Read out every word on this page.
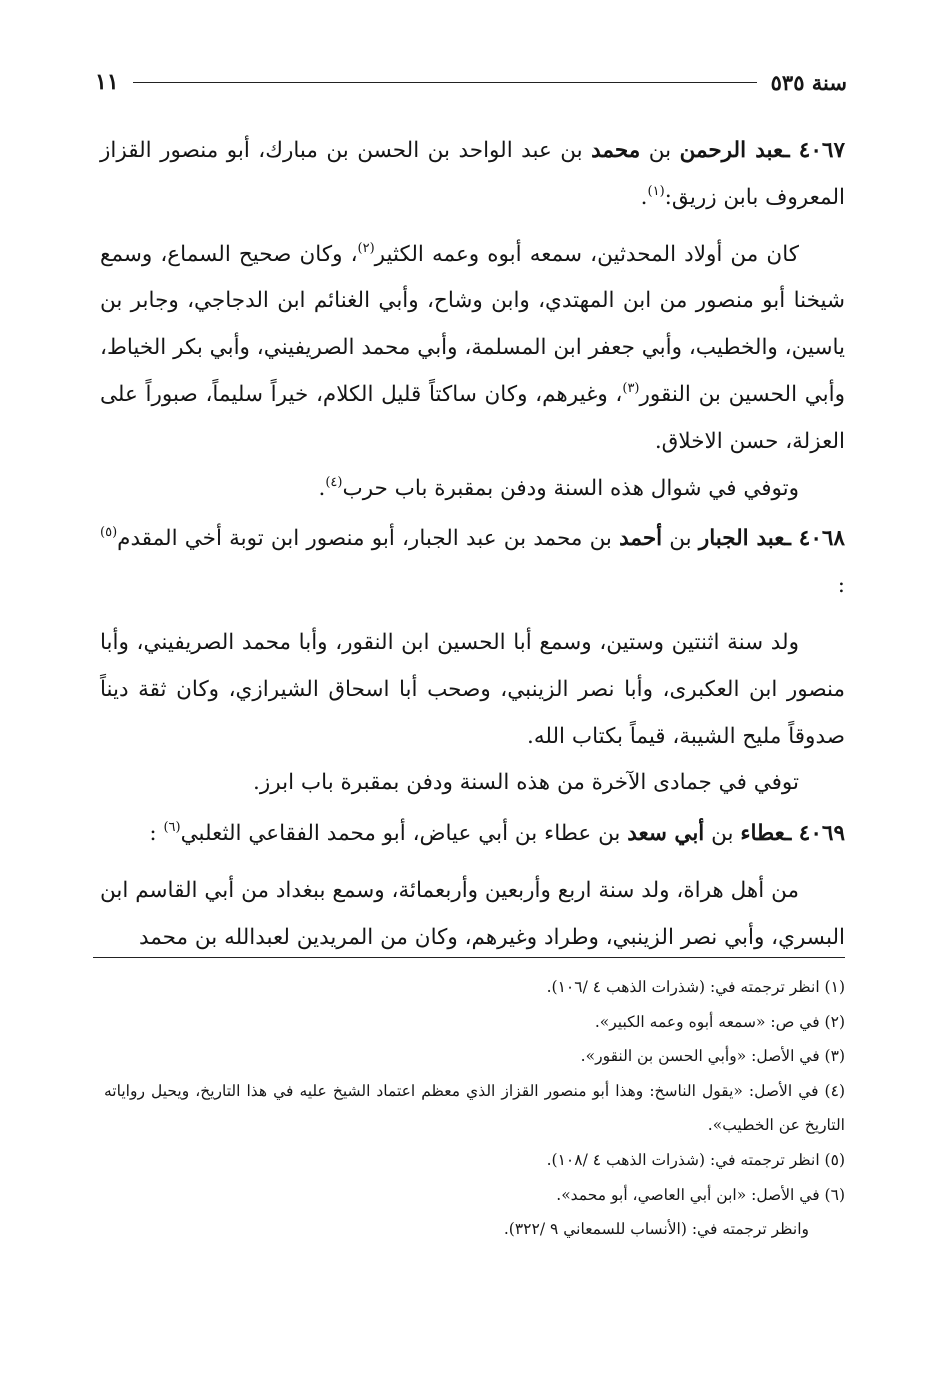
سنة ٥٣٥
١١

٤٠٦٧ ـعبد الرحمن بن محمد بن عبد الواحد بن الحسن بن مبارك، أبو منصور القزاز المعروف بابن زريق:$^{(١)}$.

كان من أولاد المحدثين، سمعه أبوه وعمه الكثير$^{(٢)}$، وكان صحيح السماع، وسمع شيخنا أبو منصور من ابن المهتدي، وابن وشاح، وأبي الغنائم ابن الدجاجي، وجابر بن ياسين، والخطيب، وأبي جعفر ابن المسلمة، وأبي محمد الصريفيني، وأبي بكر الخياط، وأبي الحسين بن النقور$^{(٣)}$، وغيرهم، وكان ساكتاً قليل الكلام، خيراً سليماً، صبوراً على العزلة، حسن الاخلاق.

وتوفي في شوال هذه السنة ودفن بمقبرة باب حرب$^{(٤)}$.

٤٠٦٨ ـعبد الجبار بن أحمد بن محمد بن عبد الجبار، أبو منصور ابن توبة أخي المقدم$^{(٥)}$ :

ولد سنة اثنتين وستين، وسمع أبا الحسين ابن النقور، وأبا محمد الصريفيني، وأبا منصور ابن العكبرى، وأبا نصر الزينبي، وصحب أبا اسحاق الشيرازي، وكان ثقة ديناً صدوقاً مليح الشيبة، قيماً بكتاب الله.

توفي في جمادى الآخرة من هذه السنة ودفن بمقبرة باب ابرز.

٤٠٦٩ ـعطاء بن أبي سعد بن عطاء بن أبي عياض، أبو محمد الفقاعي الثعلبي$^{(٦)}$ :

من أهل هراة، ولد سنة اربع وأربعين وأربعمائة، وسمع ببغداد من أبي القاسم ابن البسري، وأبي نصر الزينبي، وطراد وغيرهم، وكان من المريدين لعبدالله بن محمد

(١) انظر ترجمته في: (شذرات الذهب ٤ /١٠٦).

(٢) في ص: «سمعه أبوه وعمه الكبير».

(٣) في الأصل: «وأبي الحسن بن النقور».

(٤) في الأصل: «يقول الناسخ: وهذا أبو منصور القزاز الذي معظم اعتماد الشيخ عليه في هذا التاريخ، ويحيل رواياته التاريخ عن الخطيب».

(٥) انظر ترجمته في: (شذرات الذهب ٤ /١٠٨).

(٦) في الأصل: «ابن أبي العاصي، أبو محمد».

وانظر ترجمته في: (الأنساب للسمعاني ٩ /٣٢٢).
